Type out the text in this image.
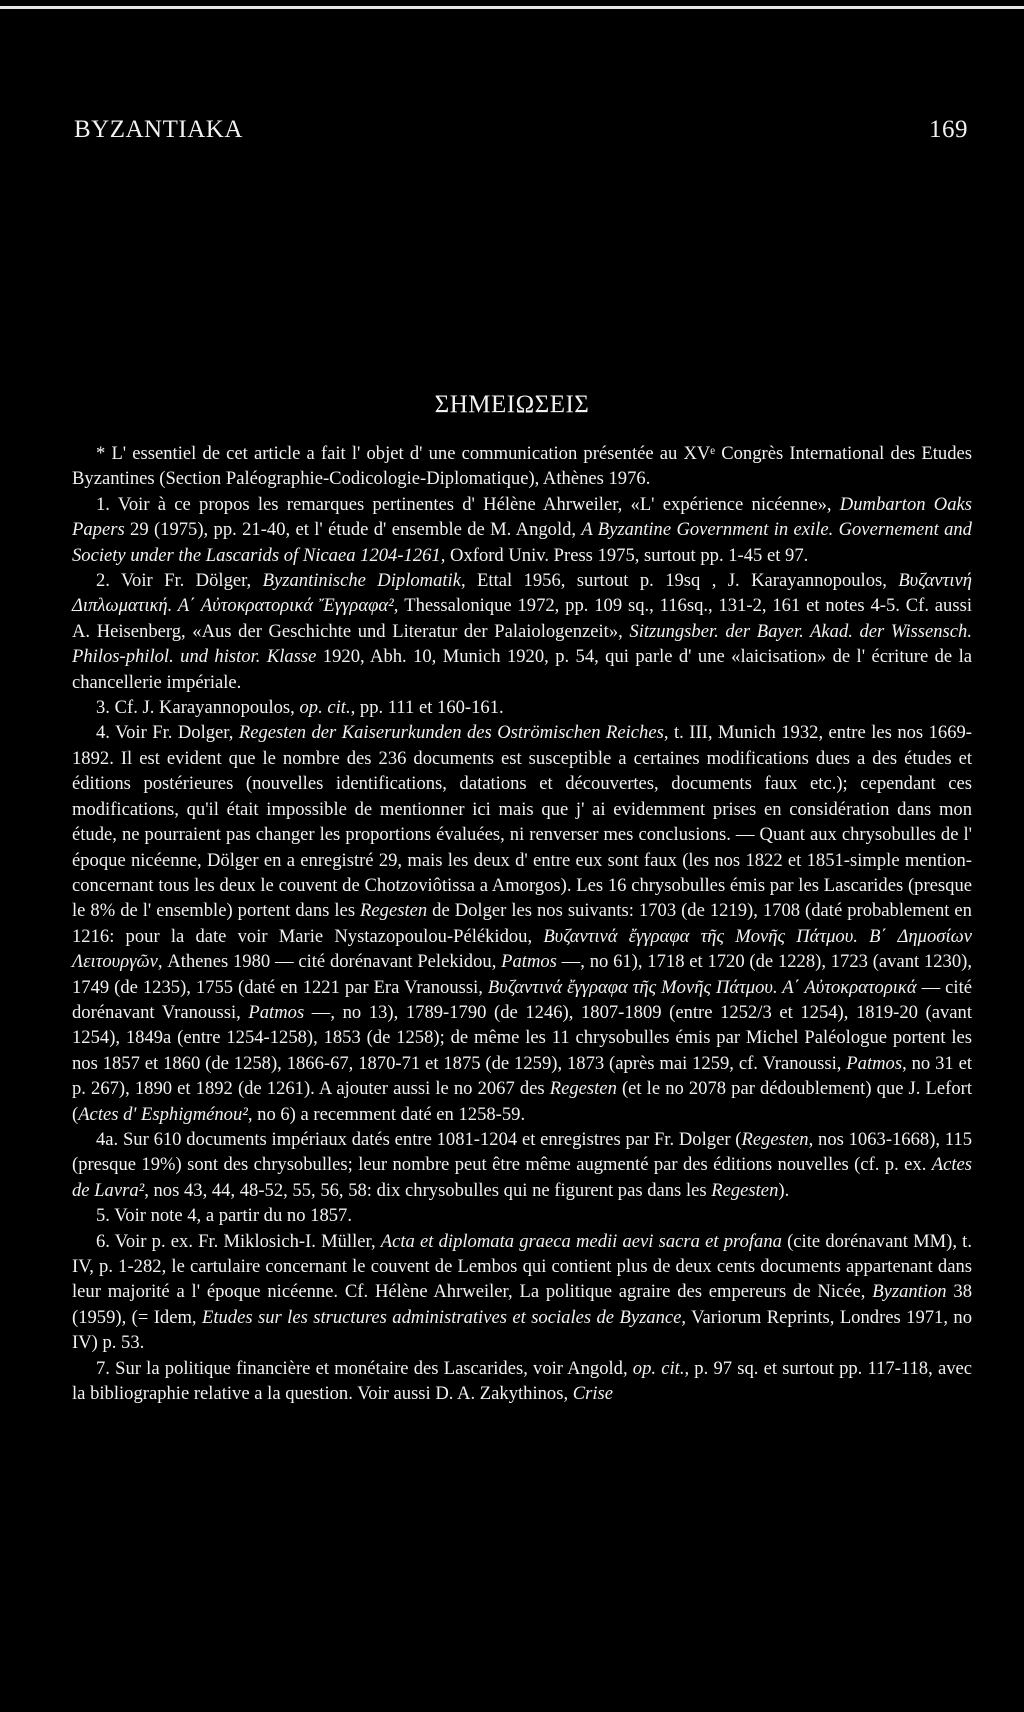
BYZANTIAKA	169
ΣΗΜΕΙΩΣΕΙΣ

* L' essentiel de cet article a fait l' objet d' une communication présentée au XVᵉ Congrès International des Etudes Byzantines (Section Paléographie-Codicologie-Diplomatique), Athènes 1976.

1. Voir à ce propos les remarques pertinentes d' Hélène Ahrweiler, «L' expérience nicéenne», Dumbarton Oaks Papers 29 (1975), pp. 21-40, et l' étude d' ensemble de M. Angold, A Byzantine Government in exile. Governement and Society under the Lascarids of Nicaea 1204-1261, Oxford Univ. Press 1975, surtout pp. 1-45 et 97.

2. Voir Fr. Dölger, Byzantinische Diplomatik, Ettal 1956, surtout p. 19sq , J. Karayannopoulos, Βυζαντινή Διπλωματική. Α΄ Αὐτοκρατορικά Ἔγγραφα², Thessalonique 1972, pp. 109 sq., 116sq., 131-2, 161 et notes 4-5. Cf. aussi A. Heisenberg, «Aus der Geschichte und Literatur der Palaiologenzeit», Sitzungsber. der Bayer. Akad. der Wissensch. Philos-philol. und histor. Klasse 1920, Abh. 10, Munich 1920, p. 54, qui parle d' une «laicisation» de l' écriture de la chancellerie impériale.

3. Cf. J. Karayannopoulos, op. cit., pp. 111 et 160-161.

4. Voir Fr. Dolger, Regesten der Kaiserurkunden des Oströmischen Reiches, t. III, Munich 1932, entre les nos 1669-1892. Il est evident que le nombre des 236 documents est susceptible a certaines modifications dues a des études et éditions postérieures (nouvelles identifications, datations et découvertes, documents faux etc.); cependant ces modifications, qu'il était impossible de mentionner ici mais que j' ai evidemment prises en considération dans mon étude, ne pourraient pas changer les proportions évaluées, ni renverser mes conclusions. — Quant aux chrysobulles de l' époque nicéenne, Dölger en a enregistré 29, mais les deux d' entre eux sont faux (les nos 1822 et 1851-simple mention-concernant tous les deux le couvent de Chotzoviôtissa a Amorgos). Les 16 chrysobulles émis par les Lascarides (presque le 8% de l' ensemble) portent dans les Regesten de Dolger les nos suivants: 1703 (de 1219), 1708 (daté probablement en 1216: pour la date voir Marie Nystazopoulou-Pélékidou, Βυζαντινά ἔγγραφα τῆς Μονῆς Πάτμου. Β΄ Δημοσίων Λειτουργῶν, Athenes 1980 — cité dorénavant Pelekidou, Patmos —, no 61), 1718 et 1720 (de 1228), 1723 (avant 1230), 1749 (de 1235), 1755 (daté en 1221 par Era Vranoussi, Βυζαντινά ἔγγραφα τῆς Μονῆς Πάτμου. Α΄ Αὐτοκρατορικά — cité dorénavant Vranoussi, Patmos —, no 13), 1789-1790 (de 1246), 1807-1809 (entre 1252/3 et 1254), 1819-20 (avant 1254), 1849a (entre 1254-1258), 1853 (de 1258); de même les 11 chrysobulles émis par Michel Paléologue portent les nos 1857 et 1860 (de 1258), 1866-67, 1870-71 et 1875 (de 1259), 1873 (après mai 1259, cf. Vranoussi, Patmos, no 31 et p. 267), 1890 et 1892 (de 1261). A ajouter aussi le no 2067 des Regesten (et le no 2078 par dédoublement) que J. Lefort (Actes d' Esphigménou², no 6) a recemment daté en 1258-59.

4a. Sur 610 documents impériaux datés entre 1081-1204 et enregistres par Fr. Dolger (Regesten, nos 1063-1668), 115 (presque 19%) sont des chrysobulles; leur nombre peut être même augmenté par des éditions nouvelles (cf. p. ex. Actes de Lavra², nos 43, 44, 48-52, 55, 56, 58: dix chrysobulles qui ne figurent pas dans les Regesten).

5. Voir note 4, a partir du no 1857.

6. Voir p. ex. Fr. Miklosich-I. Müller, Acta et diplomata graeca medii aevi sacra et profana (cite dorénavant MM), t. IV, p. 1-282, le cartulaire concernant le couvent de Lembos qui contient plus de deux cents documents appartenant dans leur majorité a l' époque nicéenne. Cf. Hélène Ahrweiler, La politique agraire des empereurs de Nicée, Byzantion 38 (1959), (= Idem, Etudes sur les structures administratives et sociales de Byzance, Variorum Reprints, Londres 1971, no IV) p. 53.

7. Sur la politique financière et monétaire des Lascarides, voir Angold, op. cit., p. 97 sq. et surtout pp. 117-118, avec la bibliographie relative a la question. Voir aussi D. A. Zakythinos, Crise
